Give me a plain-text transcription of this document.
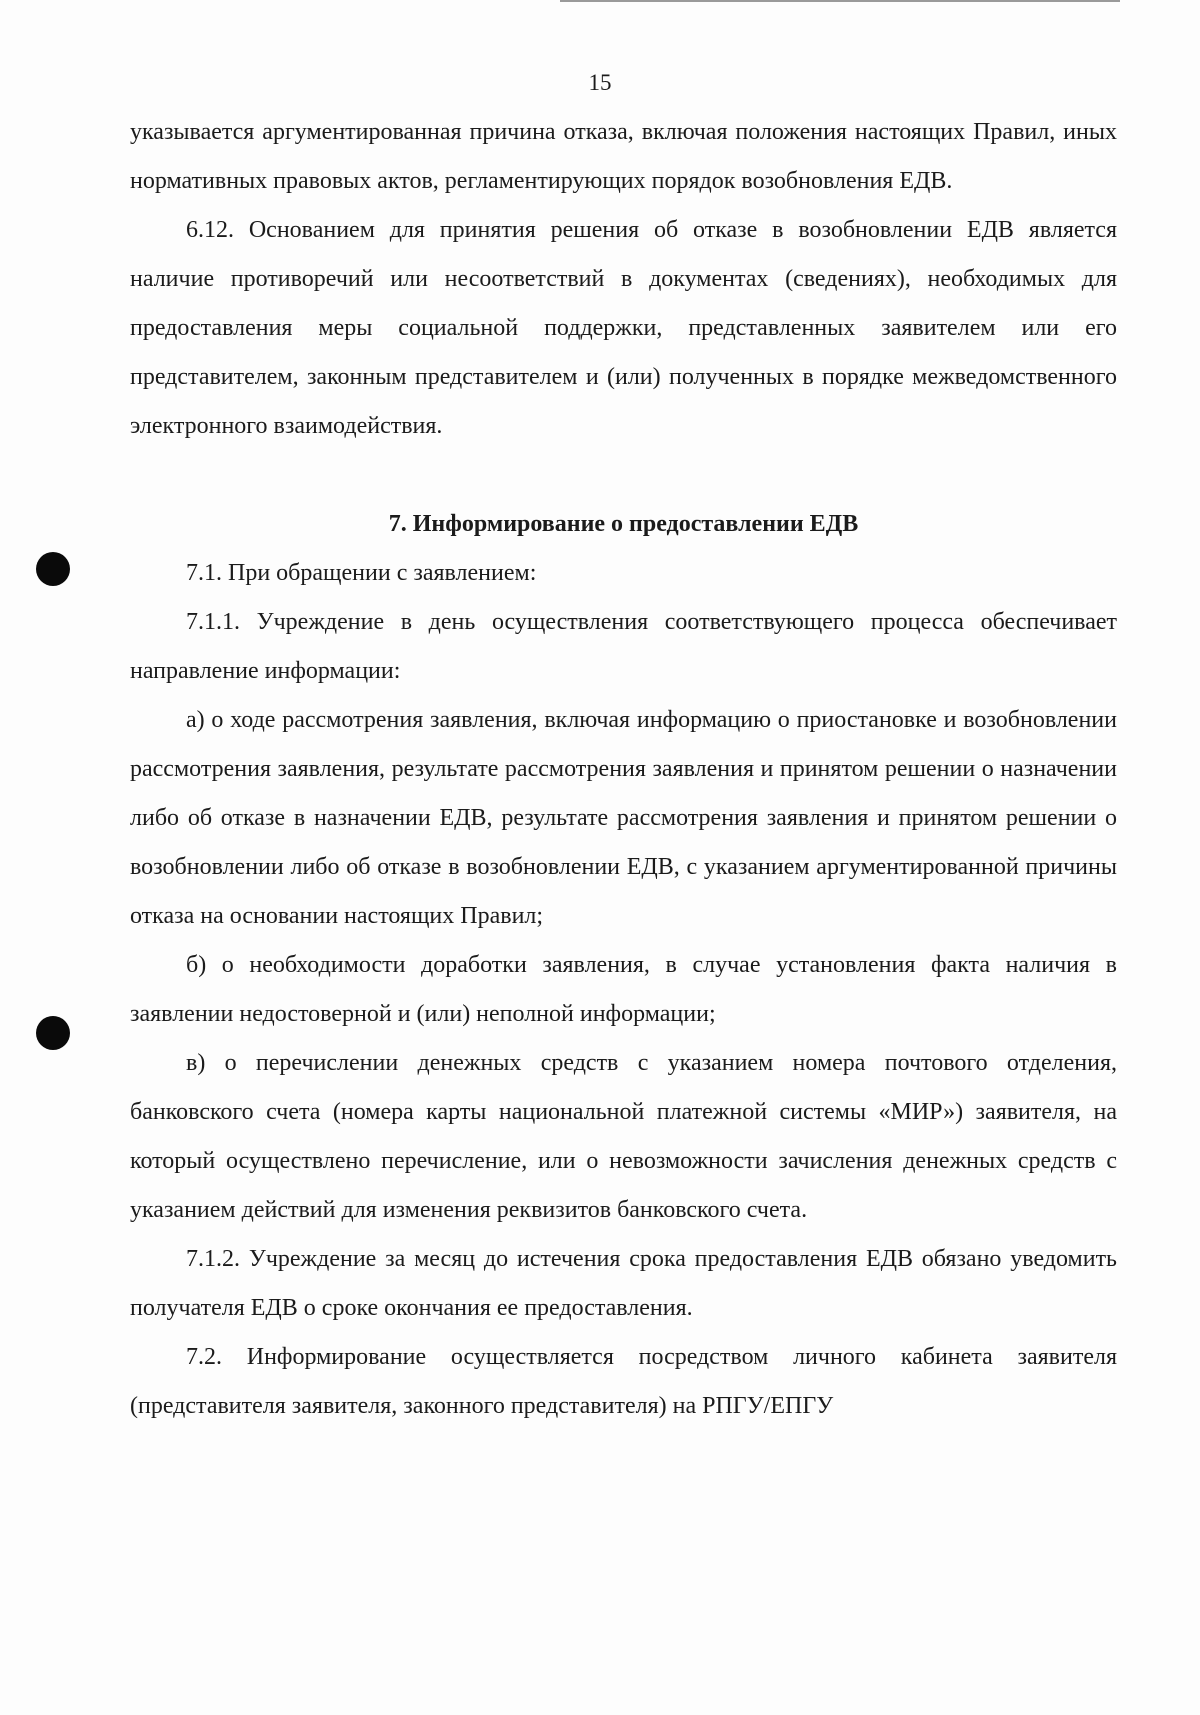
15

указывается аргументированная причина отказа, включая положения настоящих Правил, иных нормативных правовых актов, регламентирующих порядок возобновления ЕДВ.

6.12. Основанием для принятия решения об отказе в возобновлении ЕДВ является наличие противоречий или несоответствий в документах (сведениях), необходимых для предоставления меры социальной поддержки, представленных заявителем или его представителем, законным представителем и (или) полученных в порядке межведомственного электронного взаимодействия.

7. Информирование о предоставлении ЕДВ

7.1. При обращении с заявлением:

7.1.1. Учреждение в день осуществления соответствующего процесса обеспечивает направление информации:

а) о ходе рассмотрения заявления, включая информацию о приостановке и возобновлении рассмотрения заявления, результате рассмотрения заявления и принятом решении о назначении либо об отказе в назначении ЕДВ, результате рассмотрения заявления и принятом решении о возобновлении либо об отказе в возобновлении ЕДВ, с указанием аргументированной причины отказа на основании настоящих Правил;

б) о необходимости доработки заявления, в случае установления факта наличия в заявлении недостоверной и (или) неполной информации;

в) о перечислении денежных средств с указанием номера почтового отделения, банковского счета (номера карты национальной платежной системы «МИР») заявителя, на который осуществлено перечисление, или о невозможности зачисления денежных средств с указанием действий для изменения реквизитов банковского счета.

7.1.2. Учреждение за месяц до истечения срока предоставления ЕДВ обязано уведомить получателя ЕДВ о сроке окончания ее предоставления.

7.2. Информирование осуществляется посредством личного кабинета заявителя (представителя заявителя, законного представителя) на РПГУ/ЕПГУ
